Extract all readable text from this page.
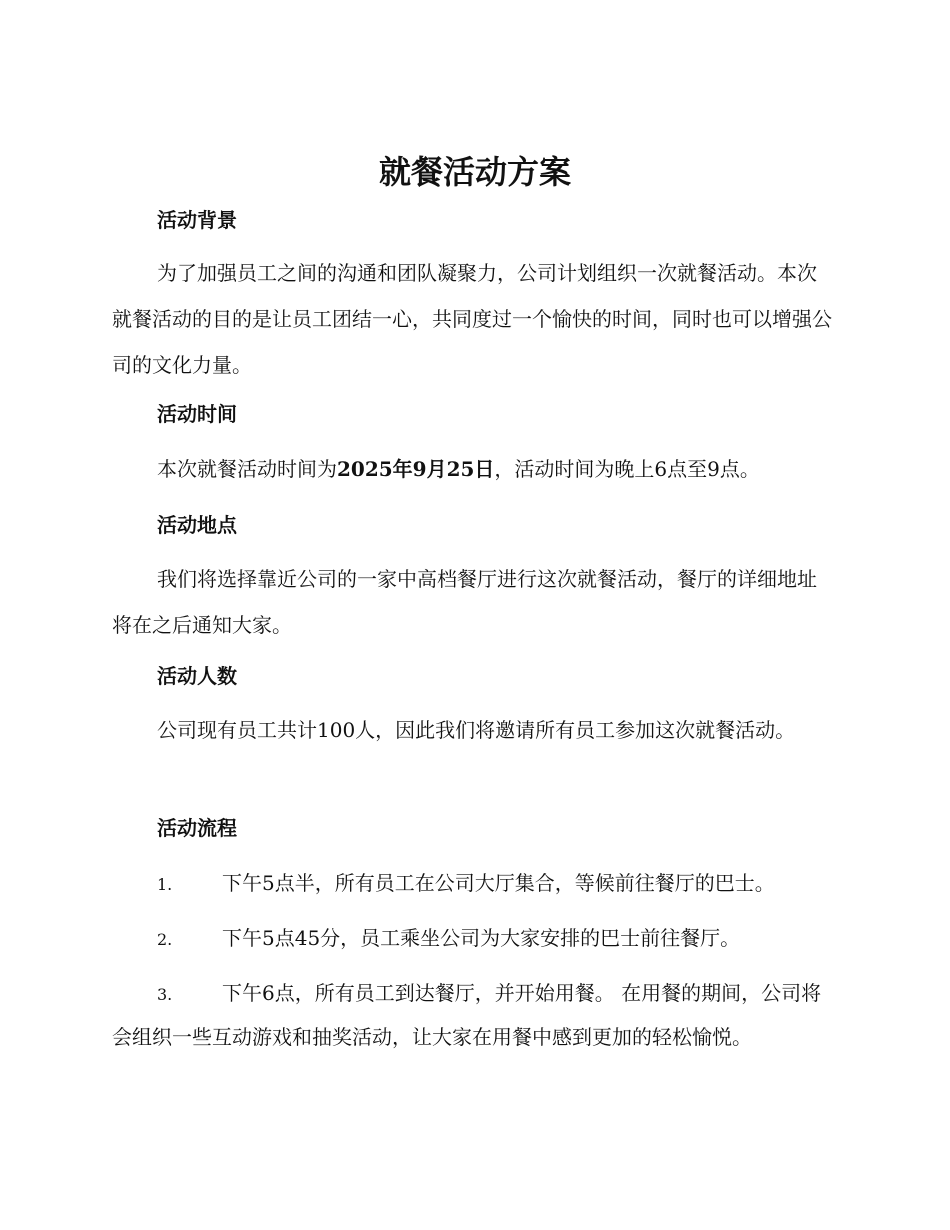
就餐活动方案
活动背景

为了加强员工之间的沟通和团队凝聚力，公司计划组织一次就餐活动。本次就餐活动的目的是让员工团结一心，共同度过一个愉快的时间，同时也可以增强公司的文化力量。

活动时间

本次就餐活动时间为2025年9月25日，活动时间为晚上6点至9点。

活动地点

我们将选择靠近公司的一家中高档餐厅进行这次就餐活动，餐厅的详细地址将在之后通知大家。

活动人数

公司现有员工共计100人，因此我们将邀请所有员工参加这次就餐活动。

活动流程
1. 下午5点半，所有员工在公司大厅集合，等候前往餐厅的巴士。
2. 下午5点45分，员工乘坐公司为大家安排的巴士前往餐厅。
3. 下午6点，所有员工到达餐厅，并开始用餐。 在用餐的期间，公司将会组织一些互动游戏和抽奖活动，让大家在用餐中感到更加的轻松愉悦。
